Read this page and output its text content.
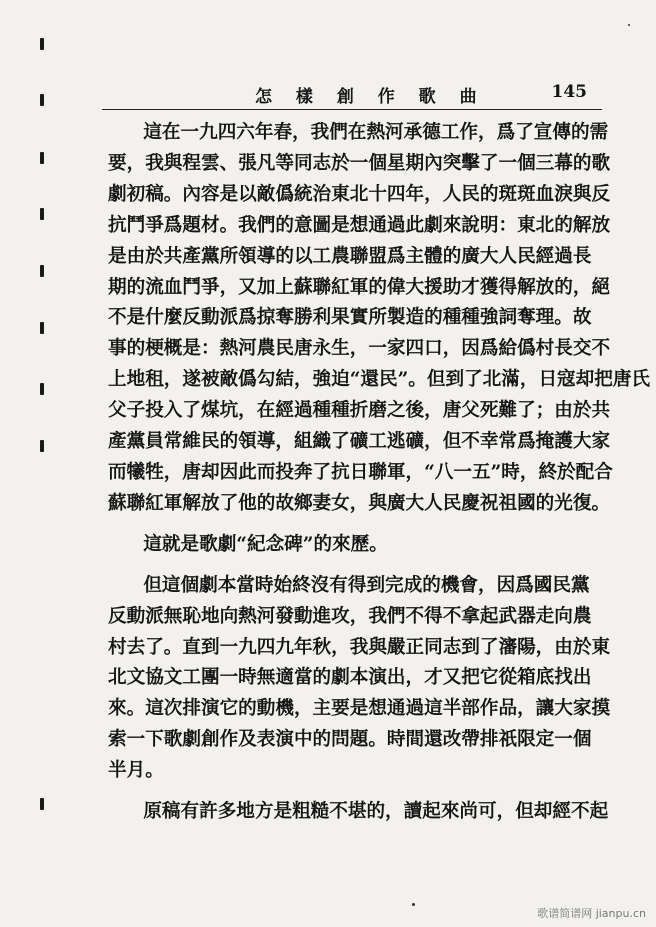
怎 樣 創 作 歌 曲	145
這在一九四六年春，我們在熱河承德工作，爲了宣傳的需
要，我與程雲、張凡等同志於一個星期內突擊了一個三幕的歌
劇初稿。內容是以敵僞統治東北十四年，人民的斑斑血淚與反
抗鬥爭爲題材。我們的意圖是想通過此劇來說明：東北的解放
是由於共產黨所領導的以工農聯盟爲主體的廣大人民經過長
期的流血鬥爭，又加上蘇聯紅軍的偉大援助才獲得解放的，絕
不是什麼反動派爲掠奪勝利果實所製造的種種強詞奪理。故
事的梗概是：熱河農民唐永生，一家四口，因爲給僞村長交不
上地租，遂被敵僞勾結，強迫“還民”。但到了北滿，日寇却把唐氏
父子投入了煤坑，在經過種種折磨之後，唐父死難了；由於共
產黨員常維民的領導，組織了礦工逃礦，但不幸常爲掩護大家
而犧牲，唐却因此而投奔了抗日聯軍，“八一五”時，終於配合
蘇聯紅軍解放了他的故鄉妻女，與廣大人民慶祝祖國的光復。
這就是歌劇“紀念碑”的來歷。
但這個劇本當時始終沒有得到完成的機會，因爲國民黨
反動派無恥地向熱河發動進攻，我們不得不拿起武器走向農
村去了。直到一九四九年秋，我與嚴正同志到了瀋陽，由於東
北文協文工團一時無適當的劇本演出，才又把它從箱底找出
來。這次排演它的動機，主要是想通過這半部作品，讓大家摸
索一下歌劇創作及表演中的問題。時間還改帶排祇限定一個
半月。
原稿有許多地方是粗糙不堪的，讀起來尚可，但却經不起
歌谱简谱网 jianpu.cn
